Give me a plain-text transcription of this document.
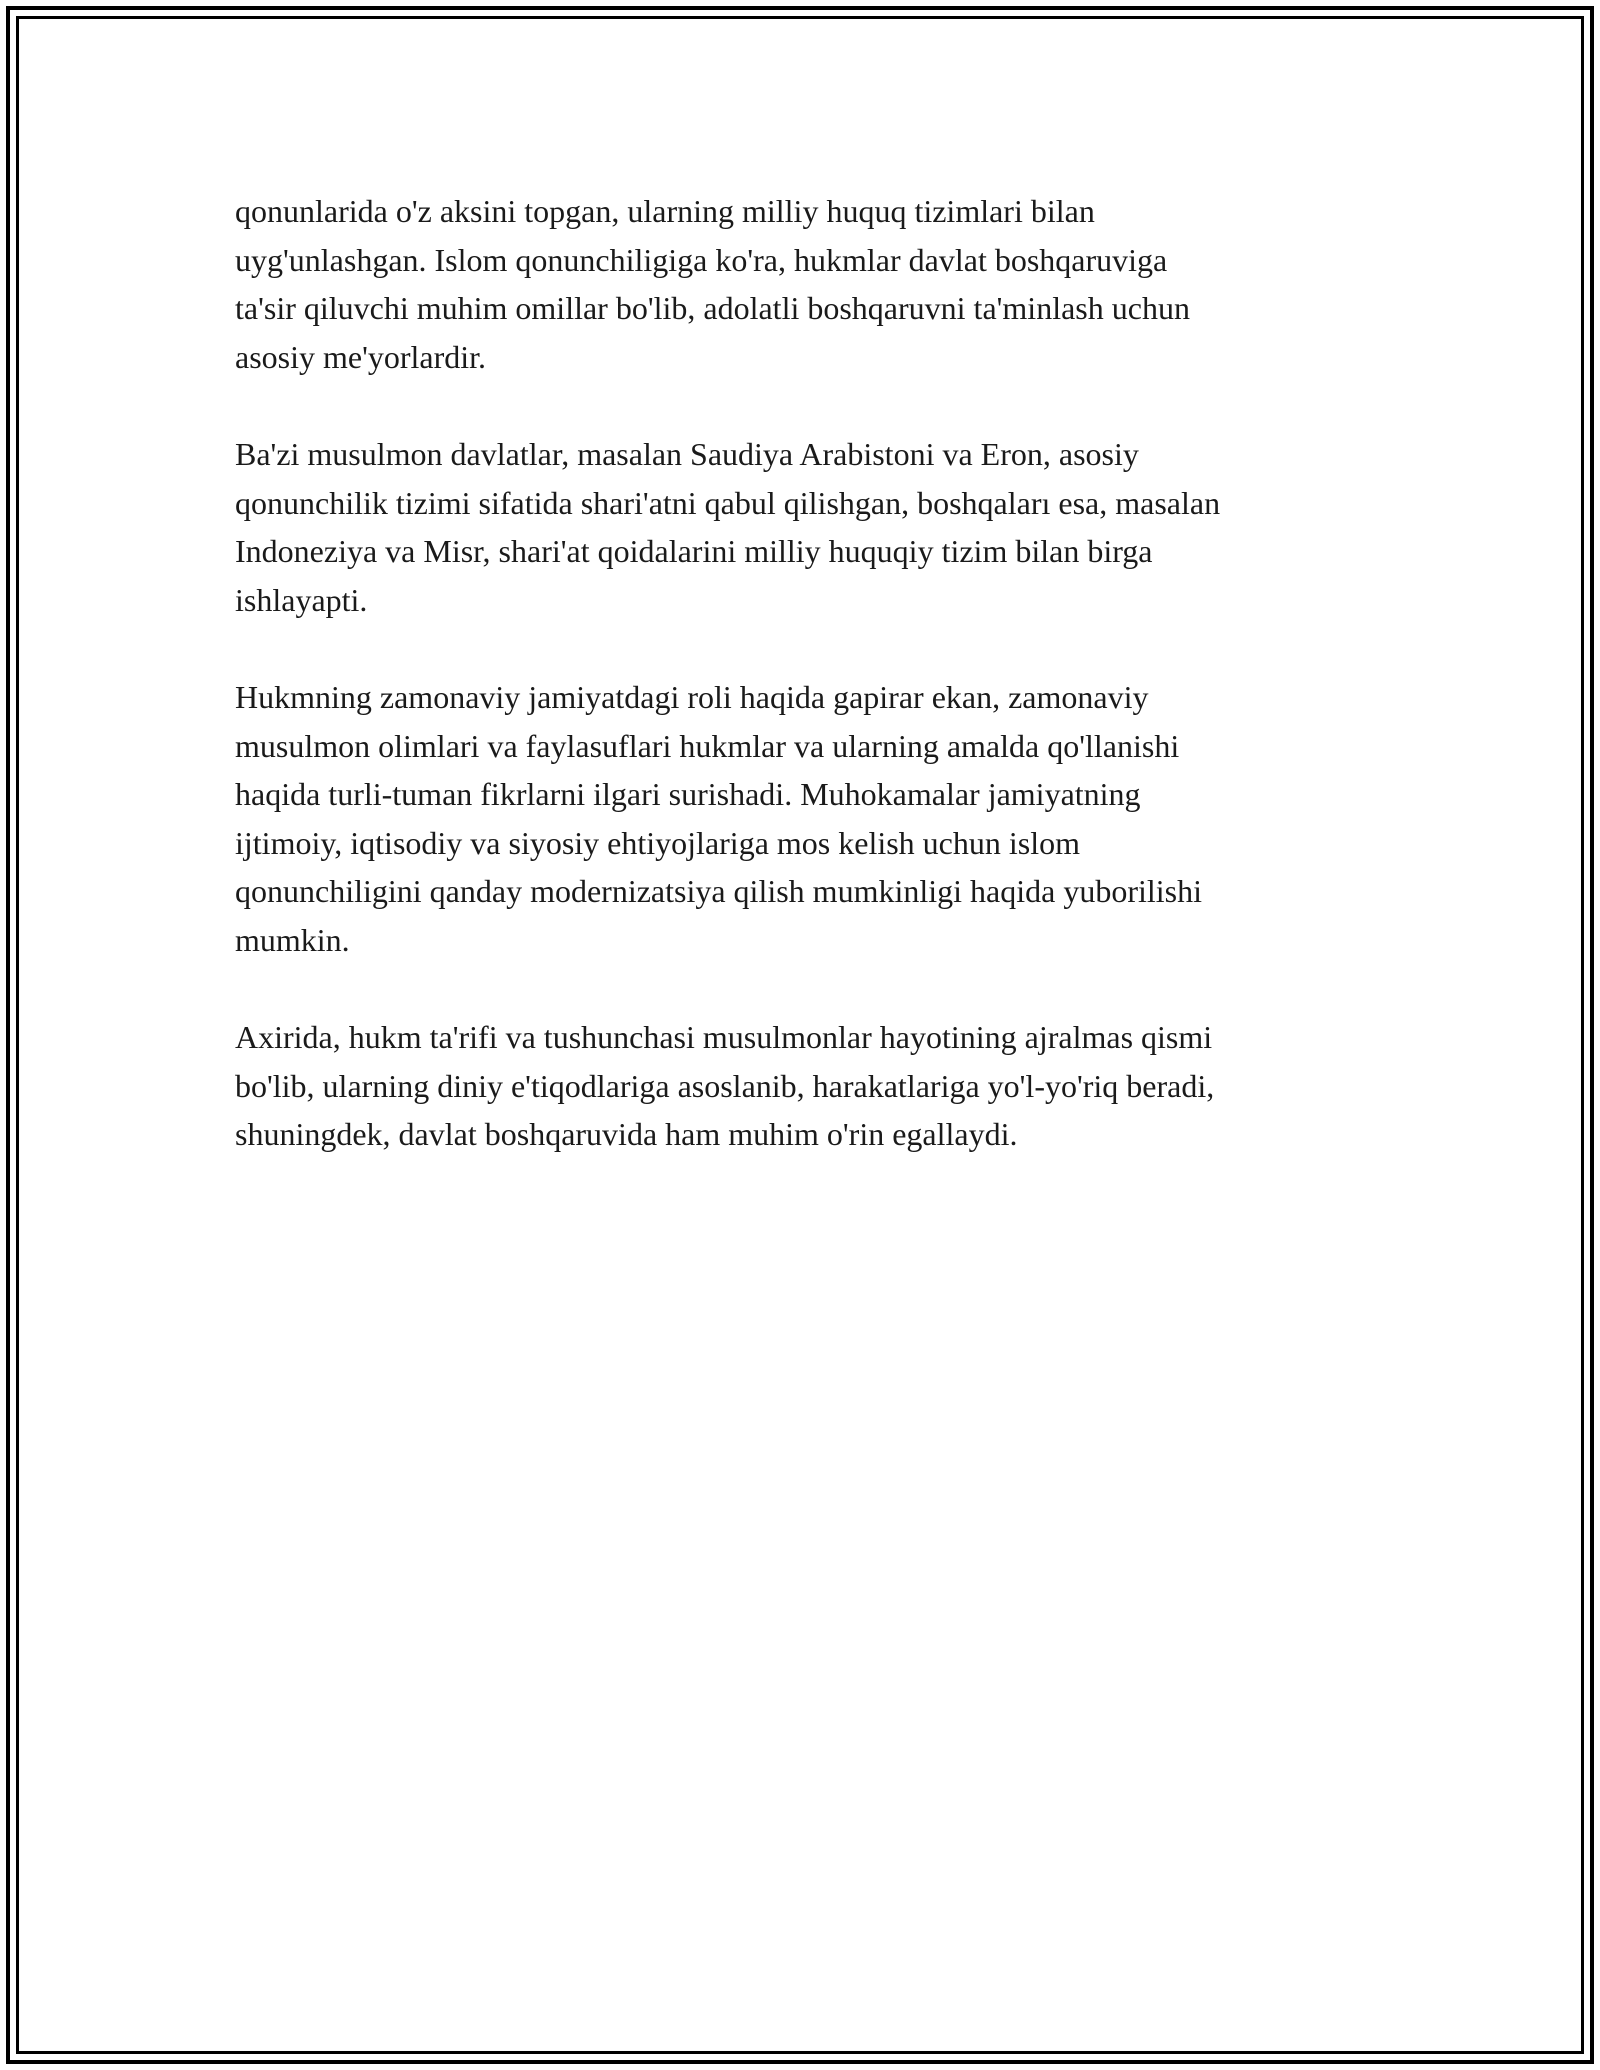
qonunlarida o'z aksini topgan, ularning milliy huquq tizimlari bilan
uyg'unlashgan. Islom qonunchiligiga ko'ra, hukmlar davlat boshqaruviga
ta'sir qiluvchi muhim omillar bo'lib, adolatli boshqaruvni ta'minlash uchun
asosiy me'yorlardir.

Ba'zi musulmon davlatlar, masalan Saudiya Arabistoni va Eron, asosiy
qonunchilik tizimi sifatida shari'atni qabul qilishgan, boshqaları esa, masalan
Indoneziya va Misr, shari'at qoidalarini milliy huquqiy tizim bilan birga
ishlayapti.

Hukmning zamonaviy jamiyatdagi roli haqida gapirar ekan, zamonaviy
musulmon olimlari va faylasuflari hukmlar va ularning amalda qo'llanishi
haqida turli-tuman fikrlarni ilgari surishadi. Muhokamalar jamiyatning
ijtimoiy, iqtisodiy va siyosiy ehtiyojlariga mos kelish uchun islom
qonunchiligini qanday modernizatsiya qilish mumkinligi haqida yuborilishi
mumkin.

Axirida, hukm ta'rifi va tushunchasi musulmonlar hayotining ajralmas qismi
bo'lib, ularning diniy e'tiqodlariga asoslanib, harakatlariga yo'l-yo'riq beradi,
shuningdek, davlat boshqaruvida ham muhim o'rin egallaydi.
